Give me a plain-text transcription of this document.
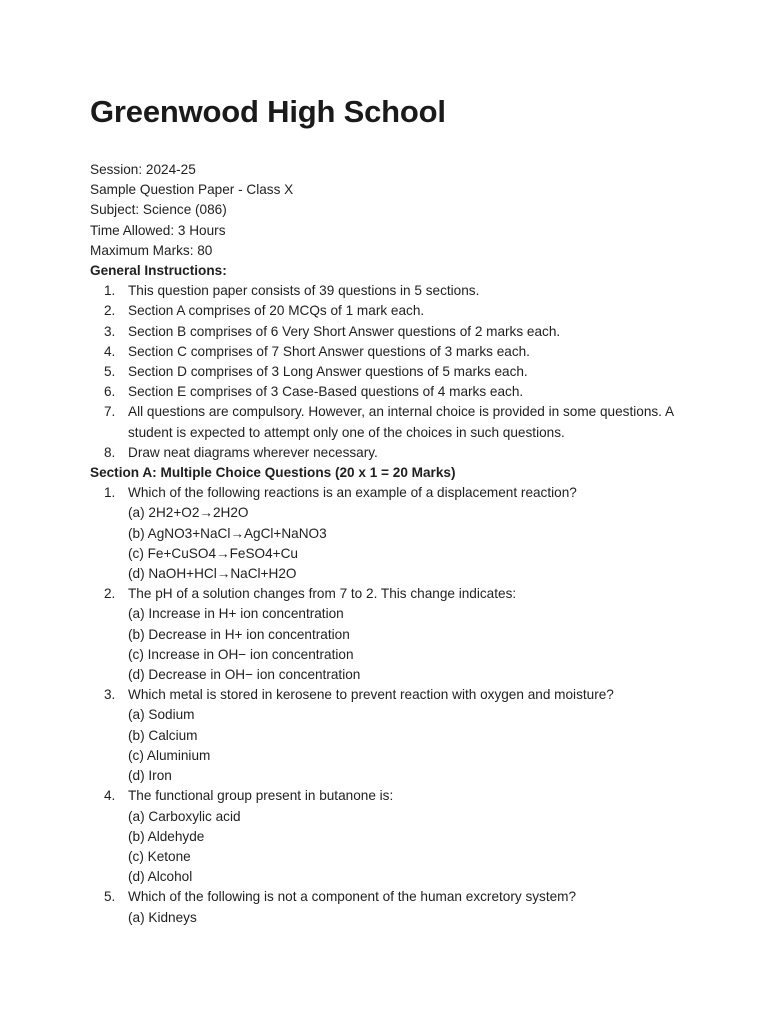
Greenwood High School
Session: 2024-25
Sample Question Paper - Class X
Subject: Science (086)
Time Allowed: 3 Hours
Maximum Marks: 80
General Instructions:
1. This question paper consists of 39 questions in 5 sections.
2. Section A comprises of 20 MCQs of 1 mark each.
3. Section B comprises of 6 Very Short Answer questions of 2 marks each.
4. Section C comprises of 7 Short Answer questions of 3 marks each.
5. Section D comprises of 3 Long Answer questions of 5 marks each.
6. Section E comprises of 3 Case-Based questions of 4 marks each.
7. All questions are compulsory. However, an internal choice is provided in some questions. A student is expected to attempt only one of the choices in such questions.
8. Draw neat diagrams wherever necessary.
Section A: Multiple Choice Questions (20 x 1 = 20 Marks)
1. Which of the following reactions is an example of a displacement reaction?
(a) 2H2+O2→2H2O
(b) AgNO3+NaCl→AgCl+NaNO3
(c) Fe+CuSO4→FeSO4+Cu
(d) NaOH+HCl→NaCl+H2O
2. The pH of a solution changes from 7 to 2. This change indicates:
(a) Increase in H+ ion concentration
(b) Decrease in H+ ion concentration
(c) Increase in OH− ion concentration
(d) Decrease in OH− ion concentration
3. Which metal is stored in kerosene to prevent reaction with oxygen and moisture?
(a) Sodium
(b) Calcium
(c) Aluminium
(d) Iron
4. The functional group present in butanone is:
(a) Carboxylic acid
(b) Aldehyde
(c) Ketone
(d) Alcohol
5. Which of the following is not a component of the human excretory system?
(a) Kidneys
